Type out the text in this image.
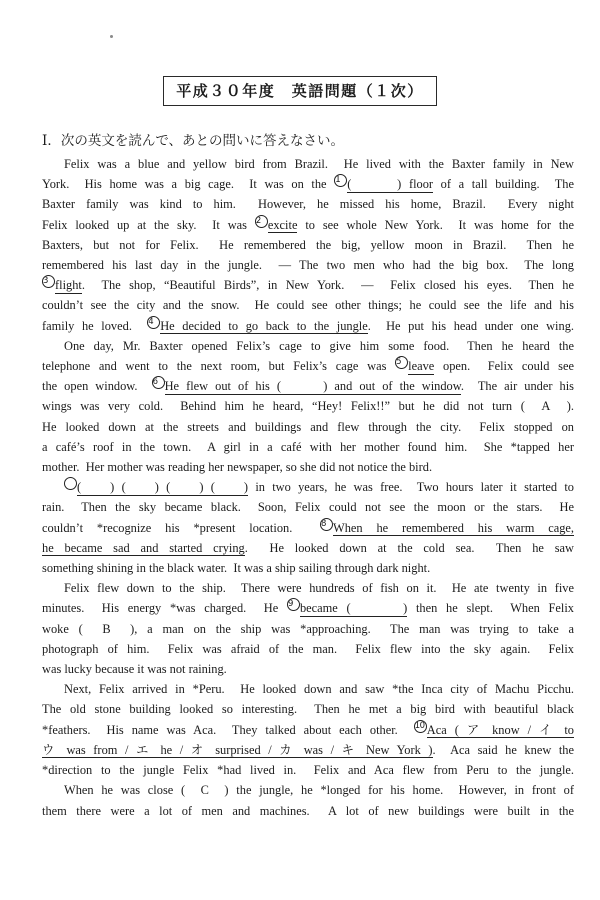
平成３０年度　英語問題（１次）
Ⅰ．次の英文を読んで、あとの問いに答えなさい。
Felix was a blue and yellow bird from Brazil.  He lived with the Baxter family in New
York.  His home was a big cage.  It was on the 1 (      ) floor of a tall building.  The
Baxter family was kind to him.  However, he missed his home, Brazil.  Every night
Felix looked up at the sky.  It was 2 excite to see whole New York.  It was home for the
Baxters, but not for Felix.  He remembered the big, yellow moon in Brazil.  Then he
remembered his last day in the jungle.  — The two men who had the big box.  The long
3 flight.  The shop, “Beautiful Birds”, in New York.  —  Felix closed his eyes.  Then he
couldn’t see the city and the snow.  He could see other things; he could see the life and his
family he loved.  4 He decided to go back to the jungle.  He put his head under one wing.
One day, Mr. Baxter opened Felix’s cage to give him some food.  Then he heard the
telephone and went to the next room, but Felix’s cage was 5 leave open.  Felix could see
the open window.  6 He flew out of his (      ) and out of the window.  The air under his
wings was very cold.  Behind him he heard, “Hey! Felix!!” but he did not turn (  A  ).
He looked down at the streets and buildings and flew through the city.  Felix stopped on
a café’s roof in the town.  A girl in a café with her mother found him.  She *tapped her
mother.  Her mother was reading her newspaper, so she did not notice the bird.
(    ) (    ) (    ) (    ) in two years, he was free.  Two hours later it started to
rain.  Then the sky became black.  Soon, Felix could not see the moon or the stars.  He
couldn’t *recognize his *present location.  8 When he remembered his warm cage,
he became sad and started crying.  He looked down at the cold sea.  Then he saw
something shining in the black water.  It was a ship sailing through dark night.
Felix flew down to the ship.  There were hundreds of fish on it.  He ate twenty in five
minutes.  His energy *was charged.  He 9 became (      ) then he slept.  When Felix
woke (  B  ), a man on the ship was *approaching.  The man was trying to take a
photograph of him.  Felix was afraid of the man.  Felix flew into the sky again.  Felix
was lucky because it was not raining.
Next, Felix arrived in *Peru.  He looked down and saw *the Inca city of Machu Picchu.
The old stone building looked so interesting.  Then he met a big bird with beautiful black
*feathers.  His name was Aca.  They talked about each other.  10 Aca ( ア know / イ to
ウ was from / エ he / オ surprised / カ was / キ New York ).  Aca said he knew the
*direction to the jungle Felix *had lived in.  Felix and Aca flew from Peru to the jungle.
When he was close (  C  ) the jungle, he *longed for his home.  However, in front of
them there were a lot of men and machines.  A lot of new buildings were built in the
